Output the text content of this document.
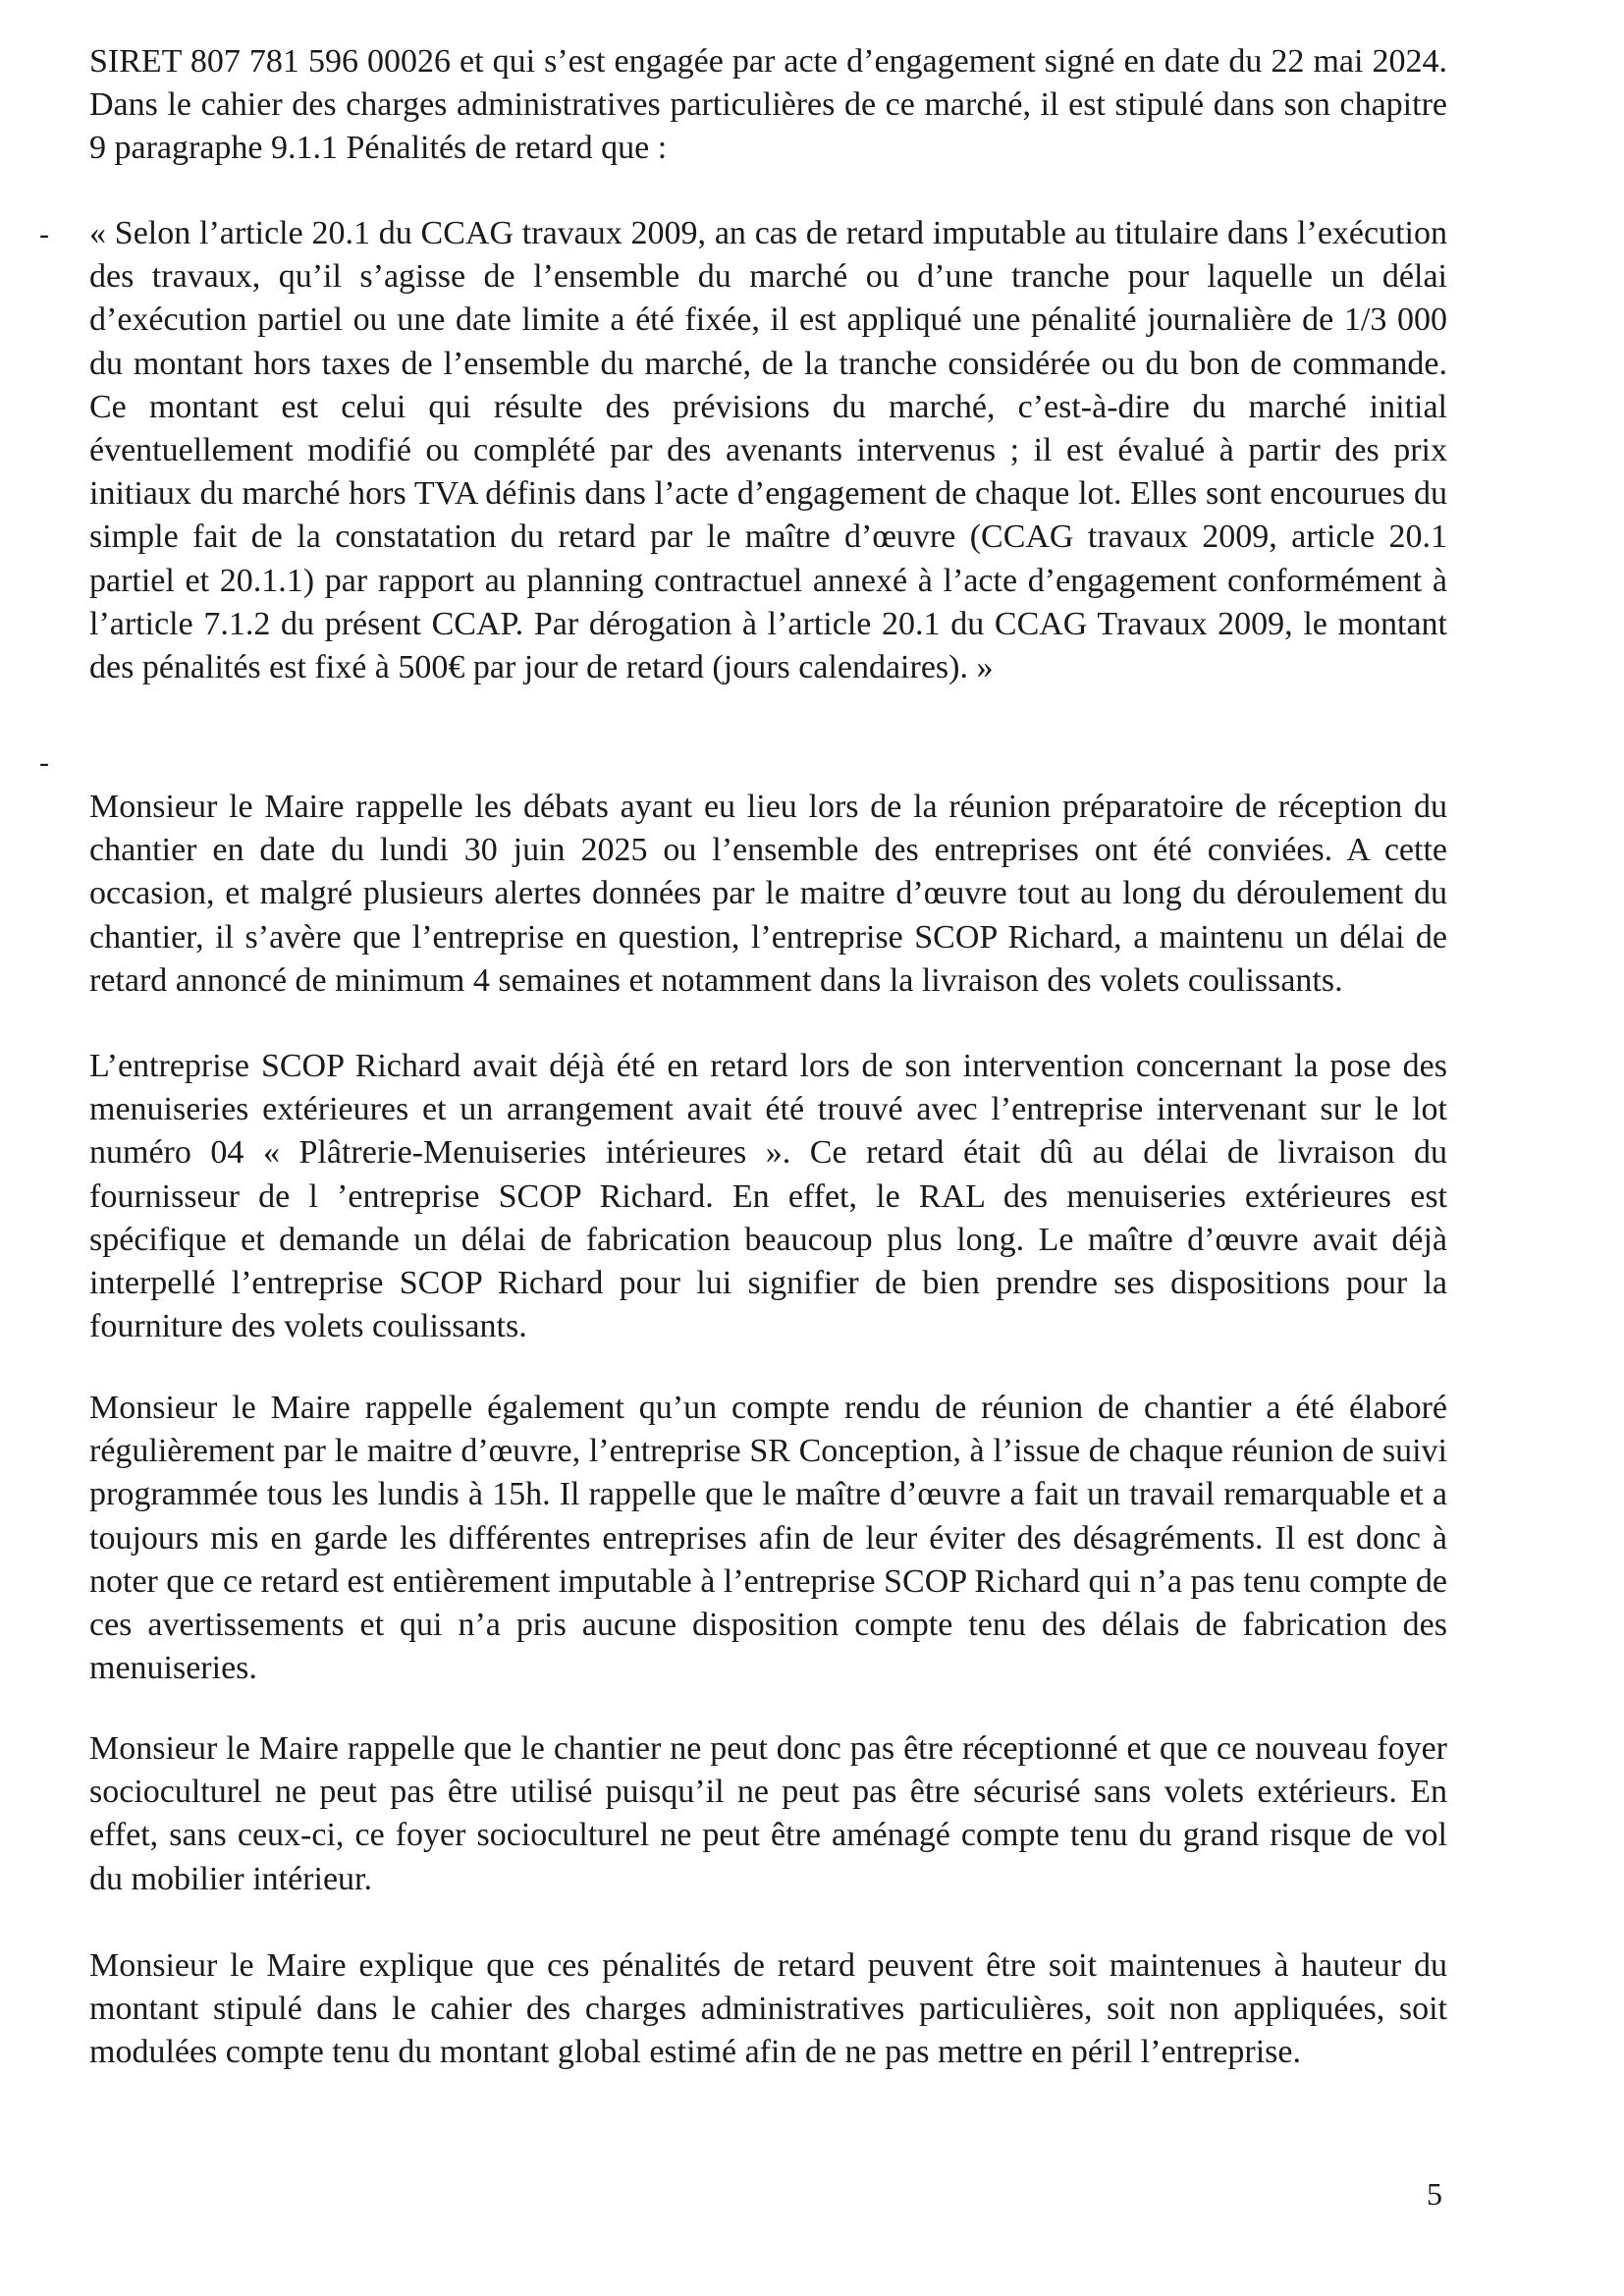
-
-

SIRET 807 781 596 00026 et qui s’est engagée par acte d’engagement signé en date du 22 mai 2024. Dans le cahier des charges administratives particulières de ce marché, il est stipulé dans son chapitre 9 paragraphe 9.1.1 Pénalités de retard que :

« Selon l’article 20.1 du CCAG travaux 2009, an cas de retard imputable au titulaire dans l’exécution des travaux, qu’il s’agisse de l’ensemble du marché ou d’une tranche pour laquelle un délai d’exécution partiel ou une date limite a été fixée, il est appliqué une pénalité journalière de 1/3 000 du montant hors taxes de l’ensemble du marché, de la tranche considérée ou du bon de commande. Ce montant est celui qui résulte des prévisions du marché, c’est-à-dire du marché initial éventuellement modifié ou complété par des avenants intervenus ; il est évalué à partir des prix initiaux du marché hors TVA définis dans l’acte d’engagement de chaque lot. Elles sont encourues du simple fait de la constatation du retard par le maître d’œuvre (CCAG travaux 2009, article 20.1 partiel et 20.1.1) par rapport au planning contractuel annexé à l’acte d’engagement conformément à l’article 7.1.2 du présent CCAP. Par dérogation à l’article 20.1 du CCAG Travaux 2009, le montant des pénalités est fixé à 500€ par jour de retard (jours calendaires). »

Monsieur le Maire rappelle les débats ayant eu lieu lors de la réunion préparatoire de réception du chantier en date du lundi 30 juin 2025 ou l’ensemble des entreprises ont été conviées. A cette occasion, et malgré plusieurs alertes données par le maitre d’œuvre tout au long du déroulement du chantier, il s’avère que l’entreprise en question, l’entreprise SCOP Richard, a maintenu un délai de retard annoncé de minimum 4 semaines et notamment dans la livraison des volets coulissants.

L’entreprise SCOP Richard avait déjà été en retard lors de son intervention concernant la pose des menuiseries extérieures et un arrangement avait été trouvé avec l’entreprise intervenant sur le lot numéro 04 « Plâtrerie-Menuiseries intérieures ». Ce retard était dû au délai de livraison du fournisseur de l ’entreprise SCOP Richard. En effet, le RAL des menuiseries extérieures est spécifique et demande un délai de fabrication beaucoup plus long. Le maître d’œuvre avait déjà interpellé l’entreprise SCOP Richard pour lui signifier de bien prendre ses dispositions pour la fourniture des volets coulissants.

Monsieur le Maire rappelle également qu’un compte rendu de réunion de chantier a été élaboré régulièrement par le maitre d’œuvre, l’entreprise SR Conception, à l’issue de chaque réunion de suivi programmée tous les lundis à 15h. Il rappelle que le maître d’œuvre a fait un travail remarquable et a toujours mis en garde les différentes entreprises afin de leur éviter des désagréments. Il est donc à noter que ce retard est entièrement imputable à l’entreprise SCOP Richard qui n’a pas tenu compte de ces avertissements et qui n’a pris aucune disposition compte tenu des délais de fabrication des menuiseries.

Monsieur le Maire rappelle que le chantier ne peut donc pas être réceptionné et que ce nouveau foyer socioculturel ne peut pas être utilisé puisqu’il ne peut pas être sécurisé sans volets extérieurs. En effet, sans ceux-ci, ce foyer socioculturel ne peut être aménagé compte tenu du grand risque de vol du mobilier intérieur.

Monsieur le Maire explique que ces pénalités de retard peuvent être soit maintenues à hauteur du montant stipulé dans le cahier des charges administratives particulières, soit non appliquées, soit modulées compte tenu du montant global estimé afin de ne pas mettre en péril l’entreprise.

5
